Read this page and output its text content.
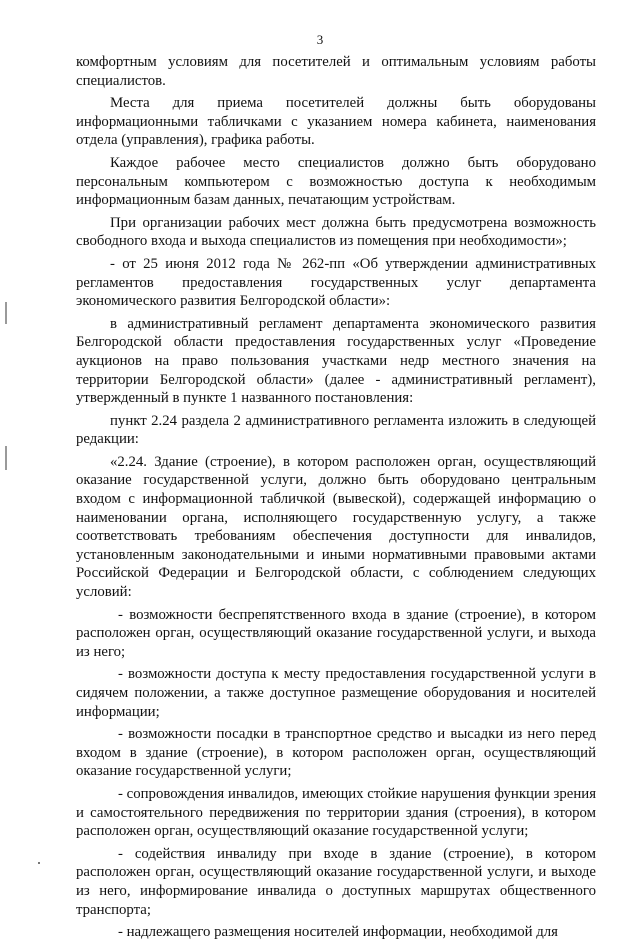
3

комфортным условиям для посетителей и оптимальным условиям работы специалистов.

Места для приема посетителей должны быть оборудованы информационными табличками с указанием номера кабинета, наименования отдела (управления), графика работы.

Каждое рабочее место специалистов должно быть оборудовано персональным компьютером с возможностью доступа к необходимым информационным базам данных, печатающим устройствам.

При организации рабочих мест должна быть предусмотрена возможность свободного входа и выхода специалистов из помещения при необходимости»;

- от 25 июня 2012 года № 262-пп «Об утверждении административных регламентов предоставления государственных услуг департамента экономического развития Белгородской области»:

в административный регламент департамента экономического развития Белгородской области предоставления государственных услуг «Проведение аукционов на право пользования участками недр местного значения на территории Белгородской области» (далее - административный регламент), утвержденный в пункте 1 названного постановления:

пункт 2.24 раздела 2 административного регламента изложить в следующей редакции:

«2.24. Здание (строение), в котором расположен орган, осуществляющий оказание государственной услуги, должно быть оборудовано центральным входом с информационной табличкой (вывеской), содержащей информацию о наименовании органа, исполняющего государственную услугу, а также соответствовать требованиям обеспечения доступности для инвалидов, установленным законодательными и иными нормативными правовыми актами Российской Федерации и Белгородской области, с соблюдением следующих условий:

- возможности беспрепятственного входа в здание (строение), в котором расположен орган, осуществляющий оказание государственной услуги, и выхода из него;

- возможности доступа к месту предоставления государственной услуги в сидячем положении, а также доступное размещение оборудования и носителей информации;

- возможности посадки в транспортное средство и высадки из него перед входом в здание (строение), в котором расположен орган, осуществляющий оказание государственной услуги;

- сопровождения инвалидов, имеющих стойкие нарушения функции зрения и самостоятельного передвижения по территории здания (строения), в котором расположен орган, осуществляющий оказание государственной услуги;

- содействия инвалиду при входе в здание (строение), в котором расположен орган, осуществляющий оказание государственной услуги, и выходе из него, информирование инвалида о доступных маршрутах общественного транспорта;

- надлежащего размещения носителей информации, необходимой для
